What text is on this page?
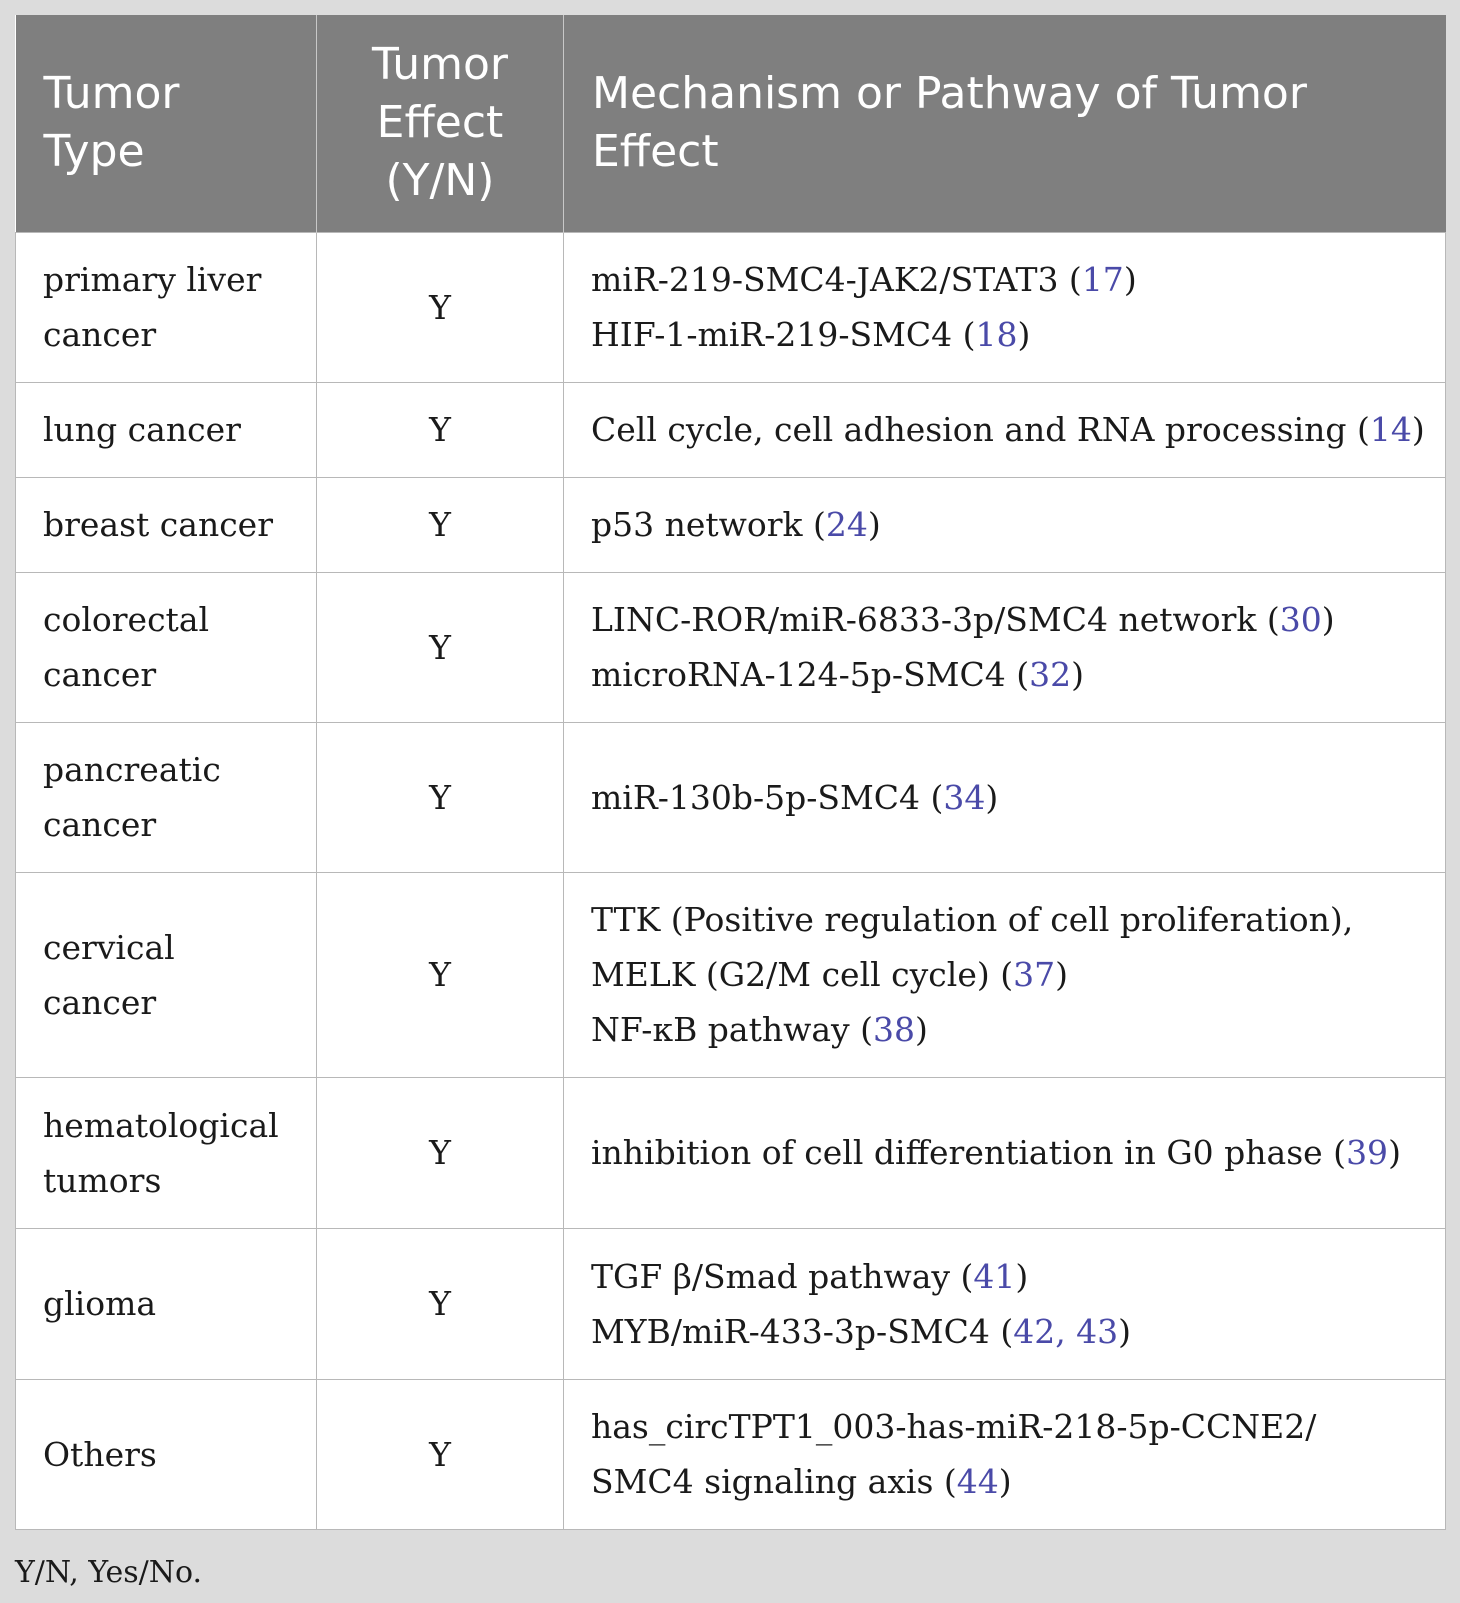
Tumor Type	Tumor Effect (Y/N)	Mechanism or Pathway of Tumor Effect
primary liver cancer	Y	miR-219-SMC4-JAK2/STAT3 (17)
HIF-1-miR-219-SMC4 (18)

lung cancer	Y	Cell cycle, cell adhesion and RNA processing (14)

breast cancer	Y	p53 network (24)

colorectal cancer	Y	LINC-ROR/miR-6833-3p/SMC4 network (30)
microRNA-124-5p-SMC4 (32)

pancreatic cancer	Y	miR-130b-5p-SMC4 (34)

cervical cancer	Y	TTK (Positive regulation of cell proliferation),
MELK (G2/M cell cycle) (37)
NF-κB pathway (38)

hematological tumors	Y	inhibition of cell differentiation in G0 phase (39)

glioma	Y	TGF β/Smad pathway (41)
MYB/miR-433-3p-SMC4 (42, 43)

Others	Y	has_circTPT1_003-has-miR-218-5p-CCNE2/
SMC4 signaling axis (44)
Y/N, Yes/No.
